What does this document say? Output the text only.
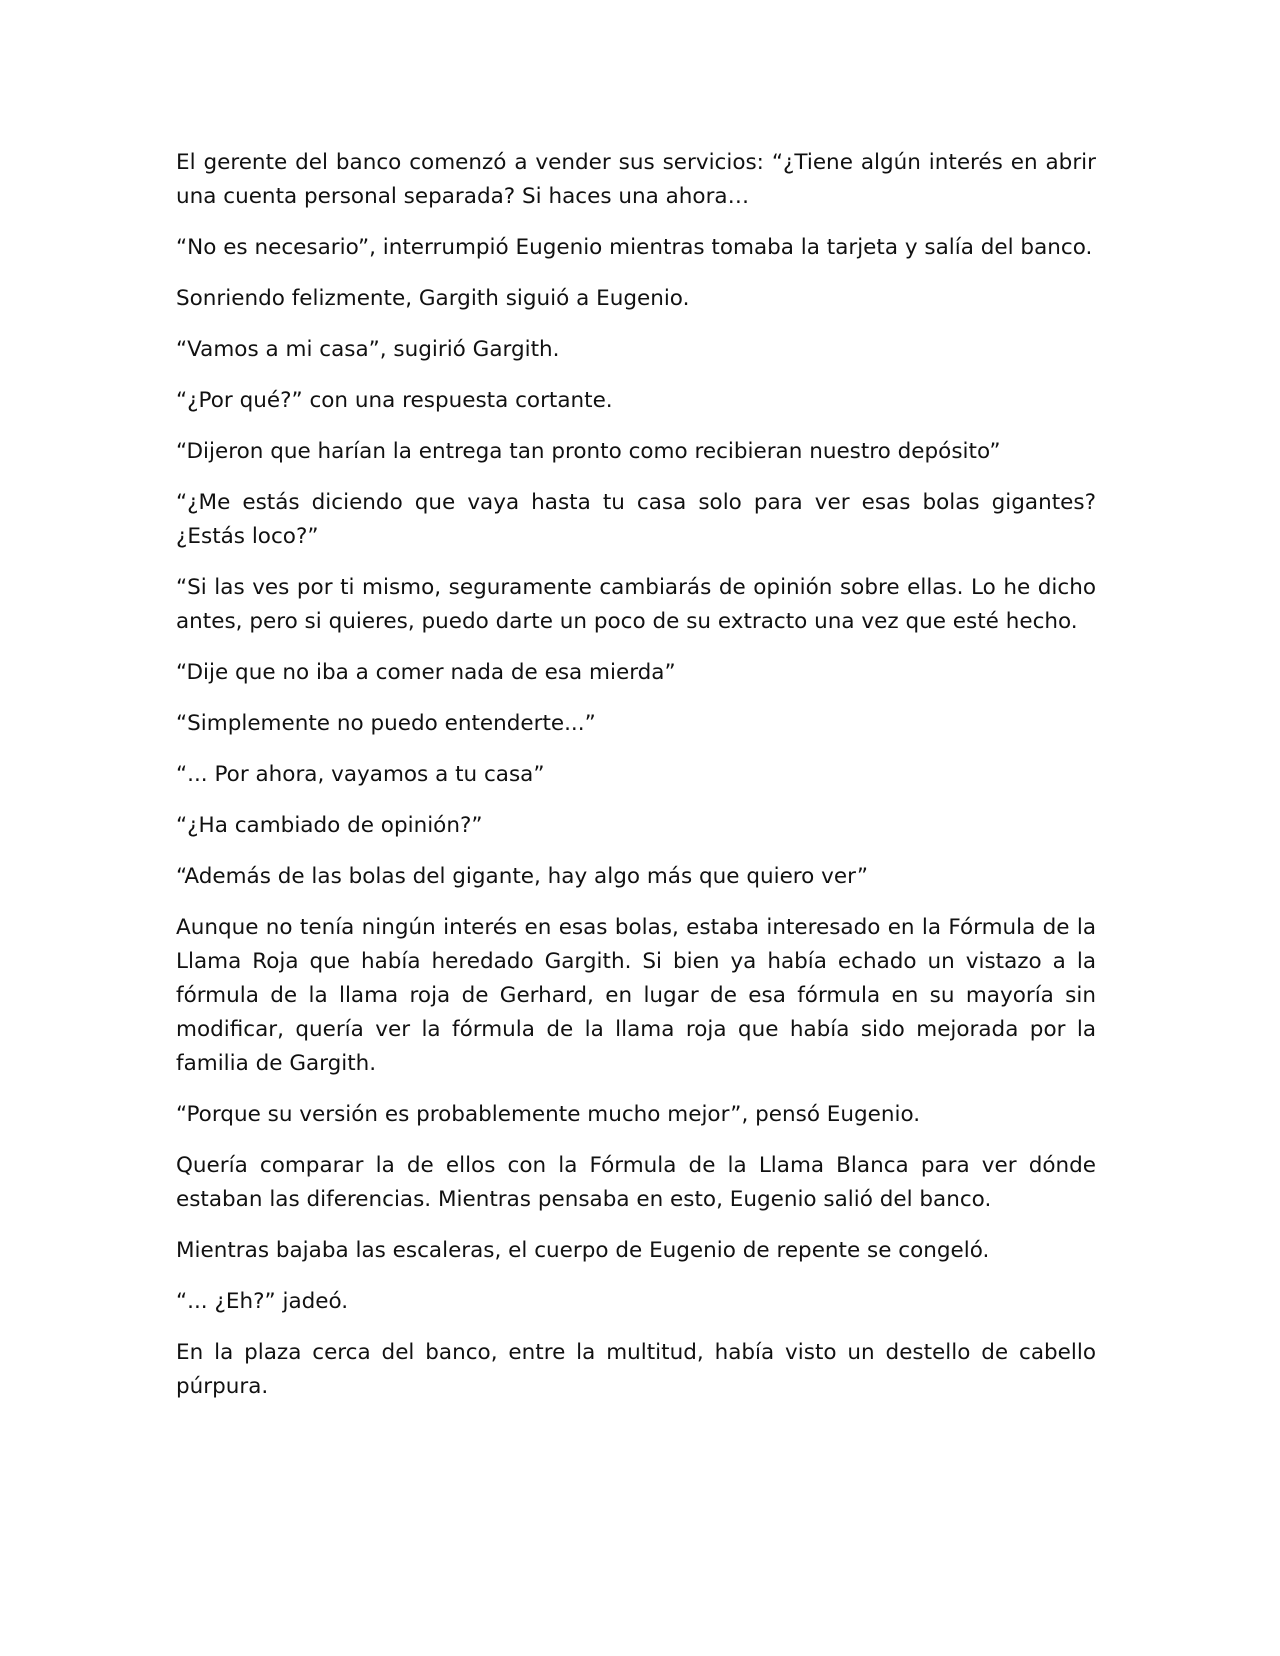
El gerente del banco comenzó a vender sus servicios: “¿Tiene algún interés en abrir una cuenta personal separada? Si haces una ahora…

“No es necesario”, interrumpió Eugenio mientras tomaba la tarjeta y salía del banco.

Sonriendo felizmente, Gargith siguió a Eugenio.

“Vamos a mi casa”, sugirió Gargith.

“¿Por qué?” con una respuesta cortante.

“Dijeron que harían la entrega tan pronto como recibieran nuestro depósito”

“¿Me estás diciendo que vaya hasta tu casa solo para ver esas bolas gigantes? ¿Estás loco?”

“Si las ves por ti mismo, seguramente cambiarás de opinión sobre ellas. Lo he dicho antes, pero si quieres, puedo darte un poco de su extracto una vez que esté hecho.

“Dije que no iba a comer nada de esa mierda”

“Simplemente no puedo entenderte...”

“... Por ahora, vayamos a tu casa”

“¿Ha cambiado de opinión?”

“Además de las bolas del gigante, hay algo más que quiero ver”

Aunque no tenía ningún interés en esas bolas, estaba interesado en la Fórmula de la Llama Roja que había heredado Gargith. Si bien ya había echado un vistazo a la fórmula de la llama roja de Gerhard, en lugar de esa fórmula en su mayoría sin modificar, quería ver la fórmula de la llama roja que había sido mejorada por la familia de Gargith.

“Porque su versión es probablemente mucho mejor”, pensó Eugenio.

Quería comparar la de ellos con la Fórmula de la Llama Blanca para ver dónde estaban las diferencias. Mientras pensaba en esto, Eugenio salió del banco.

Mientras bajaba las escaleras, el cuerpo de Eugenio de repente se congeló.

“... ¿Eh?” jadeó.

En la plaza cerca del banco, entre la multitud, había visto un destello de cabello púrpura.
